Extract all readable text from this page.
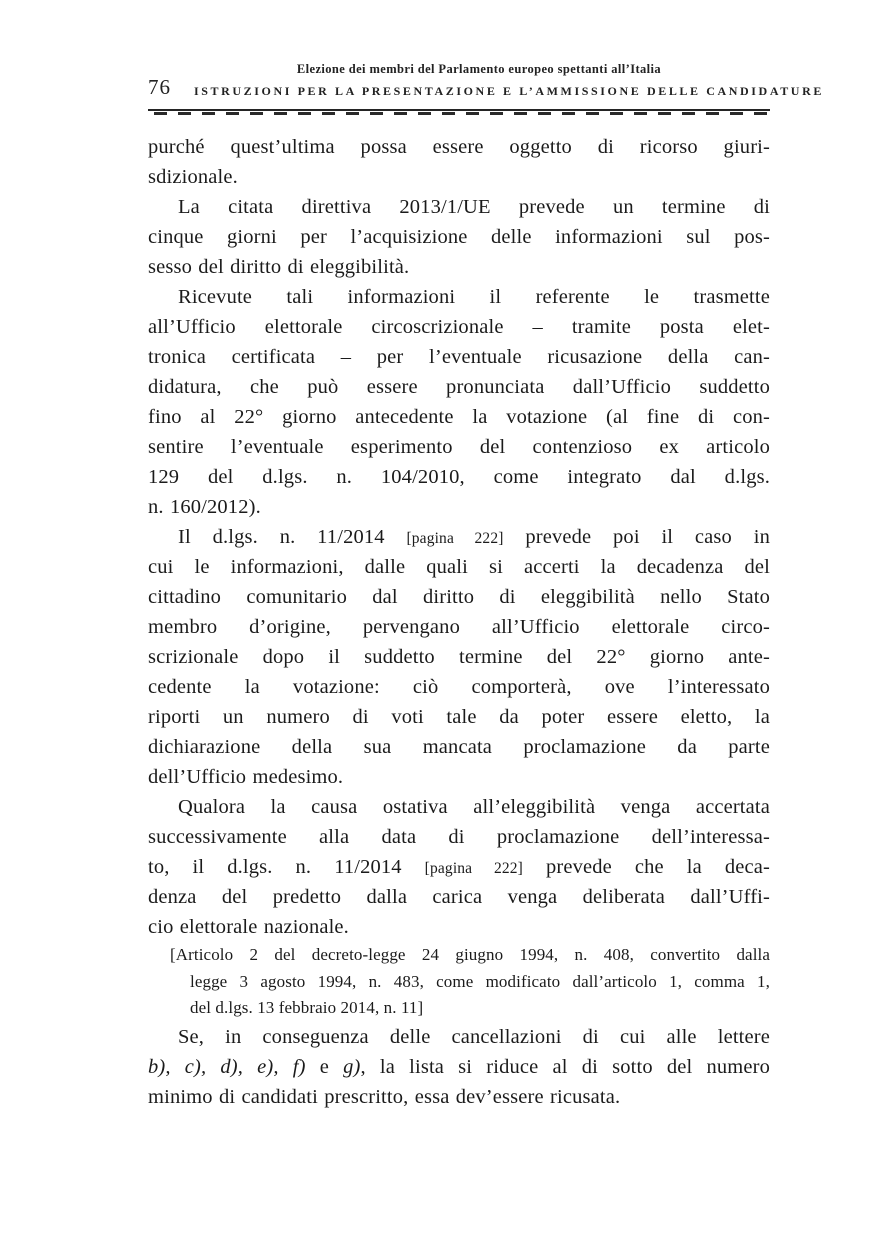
Elezione dei membri del Parlamento europeo spettanti all’Italia
76	ISTRUZIONI PER LA PRESENTAZIONE E L’AMMISSIONE DELLE CANDIDATURE
purché quest’ultima possa essere oggetto di ricorso giuri-
sdizionale.
La citata direttiva 2013/1/UE prevede un termine di
cinque giorni per l’acquisizione delle informazioni sul pos-
sesso del diritto di eleggibilità.
Ricevute tali informazioni il referente le trasmette
all’Ufficio elettorale circoscrizionale – tramite posta elet-
tronica certificata – per l’eventuale ricusazione della can-
didatura, che può essere pronunciata dall’Ufficio suddetto
fino al 22° giorno antecedente la votazione (al fine di con-
sentire l’eventuale esperimento del contenzioso ex articolo
129 del d.lgs. n. 104/2010, come integrato dal d.lgs.
n. 160/2012).
Il d.lgs. n. 11/2014 [pagina 222] prevede poi il caso in
cui le informazioni, dalle quali si accerti la decadenza del
cittadino comunitario dal diritto di eleggibilità nello Stato
membro d’origine, pervengano all’Ufficio elettorale circo-
scrizionale dopo il suddetto termine del 22° giorno ante-
cedente la votazione: ciò comporterà, ove l’interessato
riporti un numero di voti tale da poter essere eletto, la
dichiarazione della sua mancata proclamazione da parte
dell’Ufficio medesimo.
Qualora la causa ostativa all’eleggibilità venga accertata
successivamente alla data di proclamazione dell’interessa-
to, il d.lgs. n. 11/2014 [pagina 222] prevede che la deca-
denza del predetto dalla carica venga deliberata dall’Uffi-
cio elettorale nazionale.
[Articolo 2 del decreto-legge 24 giugno 1994, n. 408, convertito dalla
legge 3 agosto 1994, n. 483, come modificato dall’articolo 1, comma 1,
del d.lgs. 13 febbraio 2014, n. 11]
Se, in conseguenza delle cancellazioni di cui alle lettere
b), c), d), e), f) e g), la lista si riduce al di sotto del numero
minimo di candidati prescritto, essa dev’essere ricusata.
